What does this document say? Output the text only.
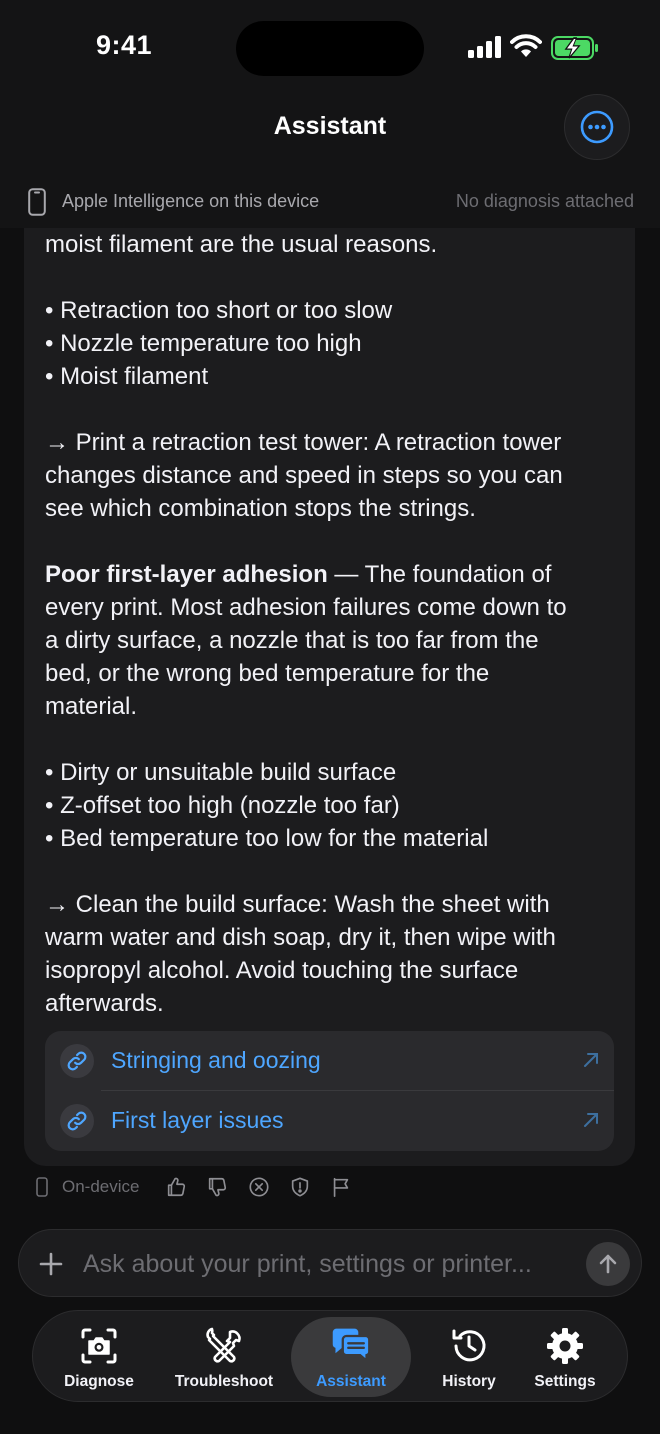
9:41
Assistant
Apple Intelligence on this device	No diagnosis attached

moist filament are the usual reasons.

• Retraction too short or too slow

• Nozzle temperature too high

• Moist filament

→ Print a retraction test tower: A retraction tower

changes distance and speed in steps so you can

see which combination stops the strings.

Poor first-layer adhesion — The foundation of

every print. Most adhesion failures come down to

a dirty surface, a nozzle that is too far from the

bed, or the wrong bed temperature for the

material.

• Dirty or unsuitable build surface

• Z-offset too high (nozzle too far)

• Bed temperature too low for the material

→ Clean the build surface: Wash the sheet with

warm water and dish soap, dry it, then wipe with

isopropyl alcohol. Avoid touching the surface

afterwards.

Stringing and oozing
First layer issues
On-device
Ask about your print, settings or printer...
Diagnose	Troubleshoot	Assistant	History Settings
